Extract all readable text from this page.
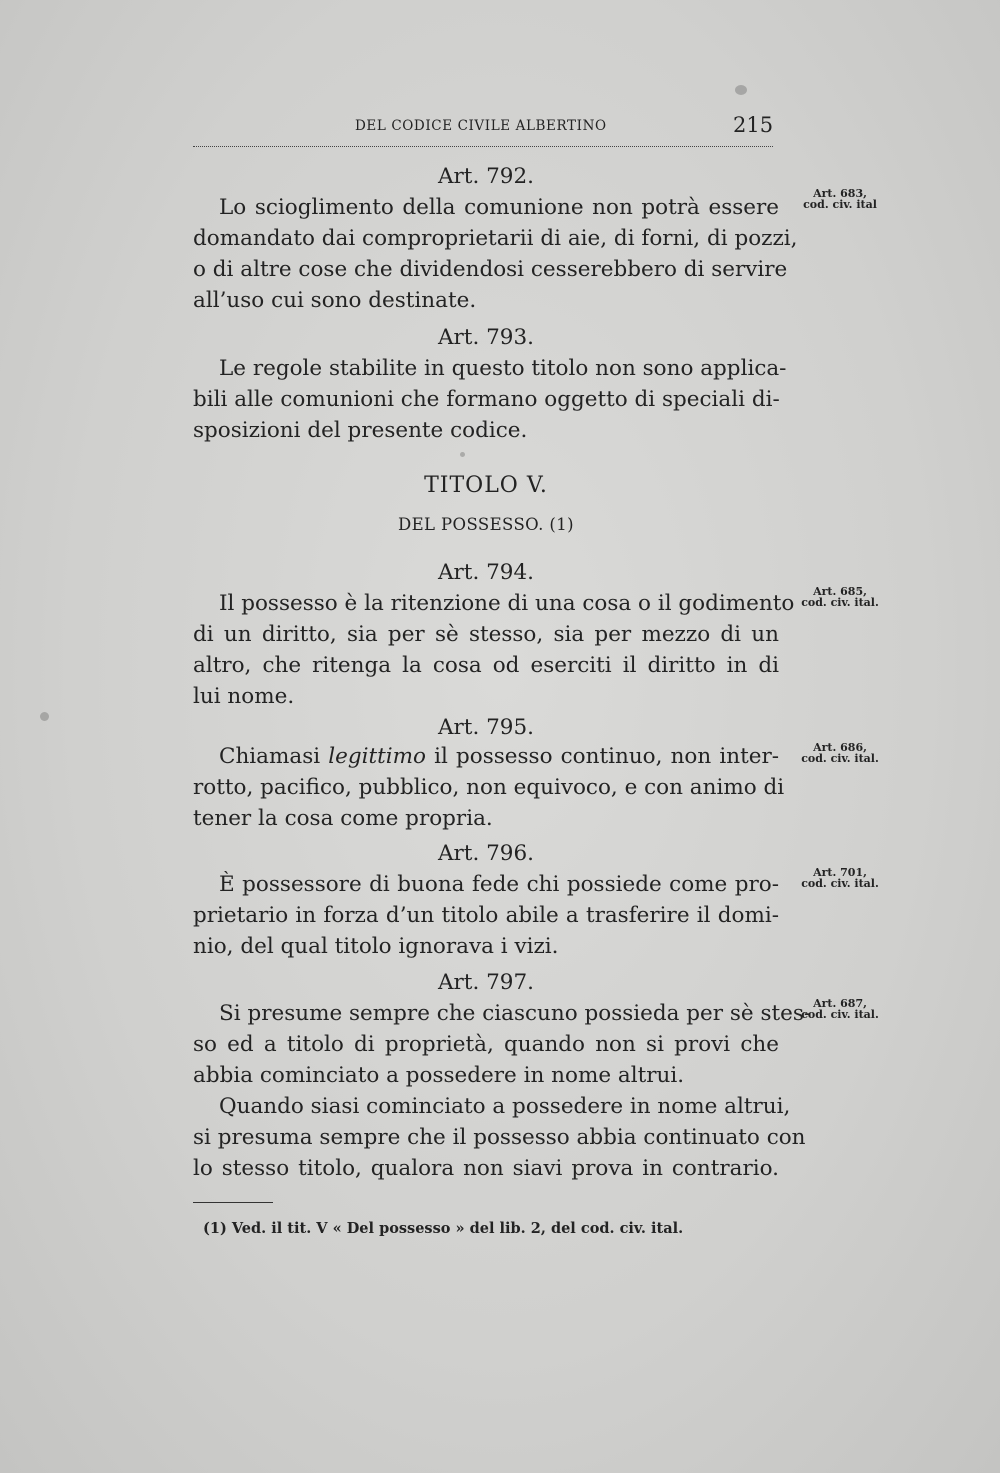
DEL CODICE CIVILE ALBERTINO	215
Art. 792.
Lo scioglimento della comunione non potrà essere
domandato dai comproprietarii di aie, di forni, di pozzi,
o di altre cose che dividendosi cesserebbero di servire
all’uso cui sono destinate.
Art. 683,
cod. civ. ital
Art. 793.
Le regole stabilite in questo titolo non sono applica-
bili alle comunioni che formano oggetto di speciali di-
sposizioni del presente codice.
TITOLO V.
DEL POSSESSO. (1)
Art. 794.
Il possesso è la ritenzione di una cosa o il godimento
di un diritto, sia per sè stesso, sia per mezzo di un
altro, che ritenga la cosa od eserciti il diritto in di
lui nome.
Art. 685,
cod. civ. ital.
Art. 795.
Chiamasi legittimo il possesso continuo, non inter-
rotto, pacifico, pubblico, non equivoco, e con animo di
tener la cosa come propria.
Art. 686,
cod. civ. ital.
Art. 796.
È possessore di buona fede chi possiede come pro-
prietario in forza d’un titolo abile a trasferire il domi-
nio, del qual titolo ignorava i vizi.
Art. 701,
cod. civ. ital.
Art. 797.
Si presume sempre che ciascuno possieda per sè stes-
so ed a titolo di proprietà, quando non si provi che
abbia cominciato a possedere in nome altrui.
Quando siasi cominciato a possedere in nome altrui,
si presuma sempre che il possesso abbia continuato con
lo stesso titolo, qualora non siavi prova in contrario.
Art. 687,
cod. civ. ital.
(1) Ved. il tit. V « Del possesso » del lib. 2, del cod. civ. ital.
